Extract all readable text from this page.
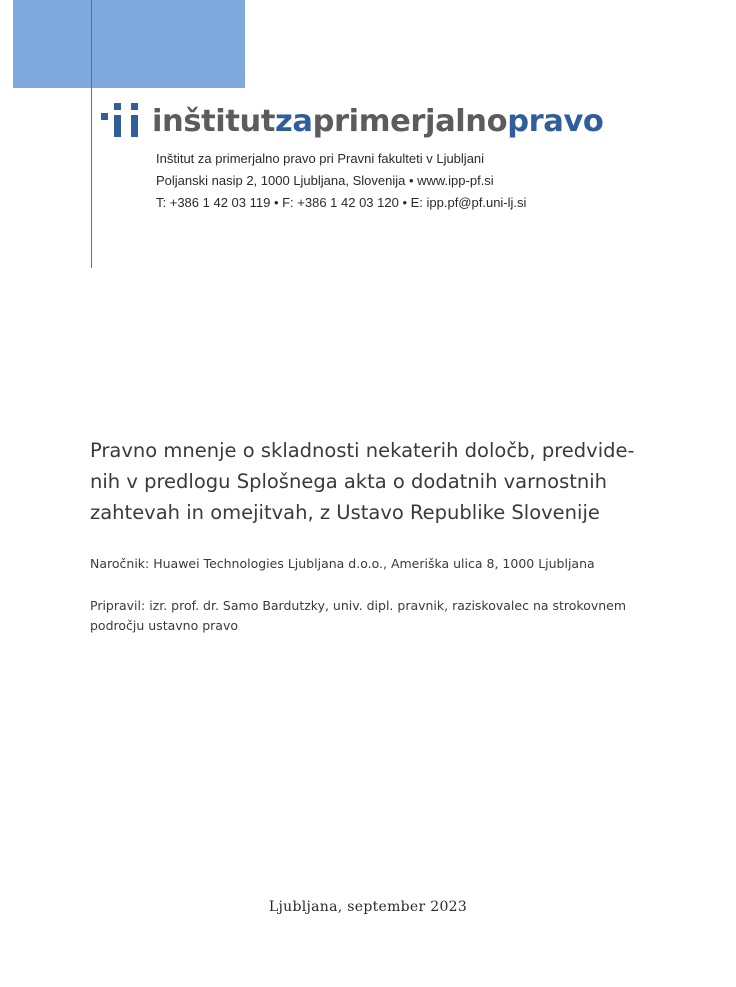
inštitutzaprimerjalnopravo
Inštitut za primerjalno pravo pri Pravni fakulteti v Ljubljani
Poljanski nasip 2, 1000 Ljubljana, Slovenija • www.ipp-pf.si
T: +386 1 42 03 119 • F: +386 1 42 03 120 • E: ipp.pf@pf.uni-lj.si
Pravno mnenje o skladnosti nekaterih določb, predvide-
nih v predlogu Splošnega akta o dodatnih varnostnih
zahtevah in omejitvah, z Ustavo Republike Slovenije
Naročnik: Huawei Technologies Ljubljana d.o.o., Ameriška ulica 8, 1000 Ljubljana
Pripravil: izr. prof. dr. Samo Bardutzky, univ. dipl. pravnik, raziskovalec na strokovnem področju ustavno pravo
Ljubljana, september 2023
